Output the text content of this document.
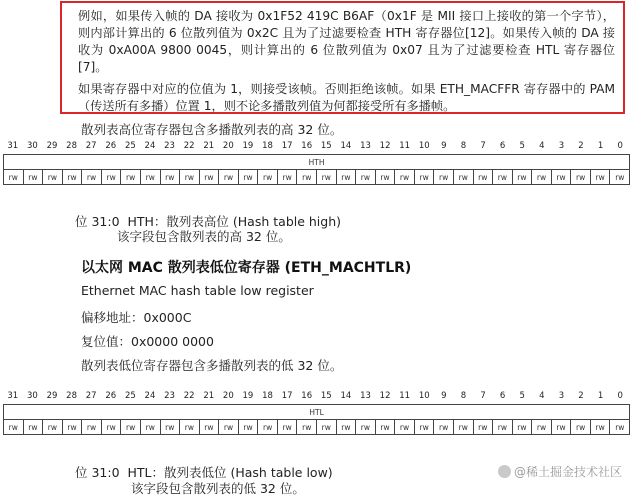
例如，如果传入帧的 DA 接收为 0x1F52 419C B6AF（0x1F 是 MII 接口上接收的第一个字节），则内部计算出的 6 位散列值为 0x2C 且为了过滤要检查 HTH 寄存器位[12]。如果传入帧的 DA 接收为 0xA00A 9800 0045，则计算出的 6 位散列值为 0x07 且为了过滤要检查 HTL 寄存器位[7]。

如果寄存器中对应的位值为 1，则接受该帧。否则拒绝该帧。如果 ETH_MACFFR 寄存器中的 PAM（传送所有多播）位置 1，则不论多播散列值为何都接受所有多播帧。

散列表高位寄存器包含多播散列表的高 32 位。
31	30	29	28	27	26	25	24	23	22	21	20	19	18	17	16	15	14	13	12	11	10	9	8	7	6	5	4	3	2	1	0
HTH
rw	rw	rw	rw	rw	rw	rw	rw	rw	rw	rw	rw	rw	rw	rw	rw	rw	rw	rw	rw	rw	rw	rw	rw	rw	rw	rw	rw	rw	rw	rw	rw
位 31:0 HTH：散列表高位 (Hash table high)
该字段包含散列表的高 32 位。
以太网 MAC 散列表低位寄存器 (ETH_MACHTLR)
Ethernet MAC hash table low register
偏移地址：0x000C
复位值：0x0000 0000
散列表低位寄存器包含多播散列表的低 32 位。
31	30	29	28	27	26	25	24	23	22	21	20	19	18	17	16	15	14	13	12	11	10	9	8	7	6	5	4	3	2	1	0
HTL
rw	rw	rw	rw	rw	rw	rw	rw	rw	rw	rw	rw	rw	rw	rw	rw	rw	rw	rw	rw	rw	rw	rw	rw	rw	rw	rw	rw	rw	rw	rw	rw
位 31:0 HTL：散列表低位 (Hash table low)
该字段包含散列表的低 32 位。
@稀土掘金技术社区
